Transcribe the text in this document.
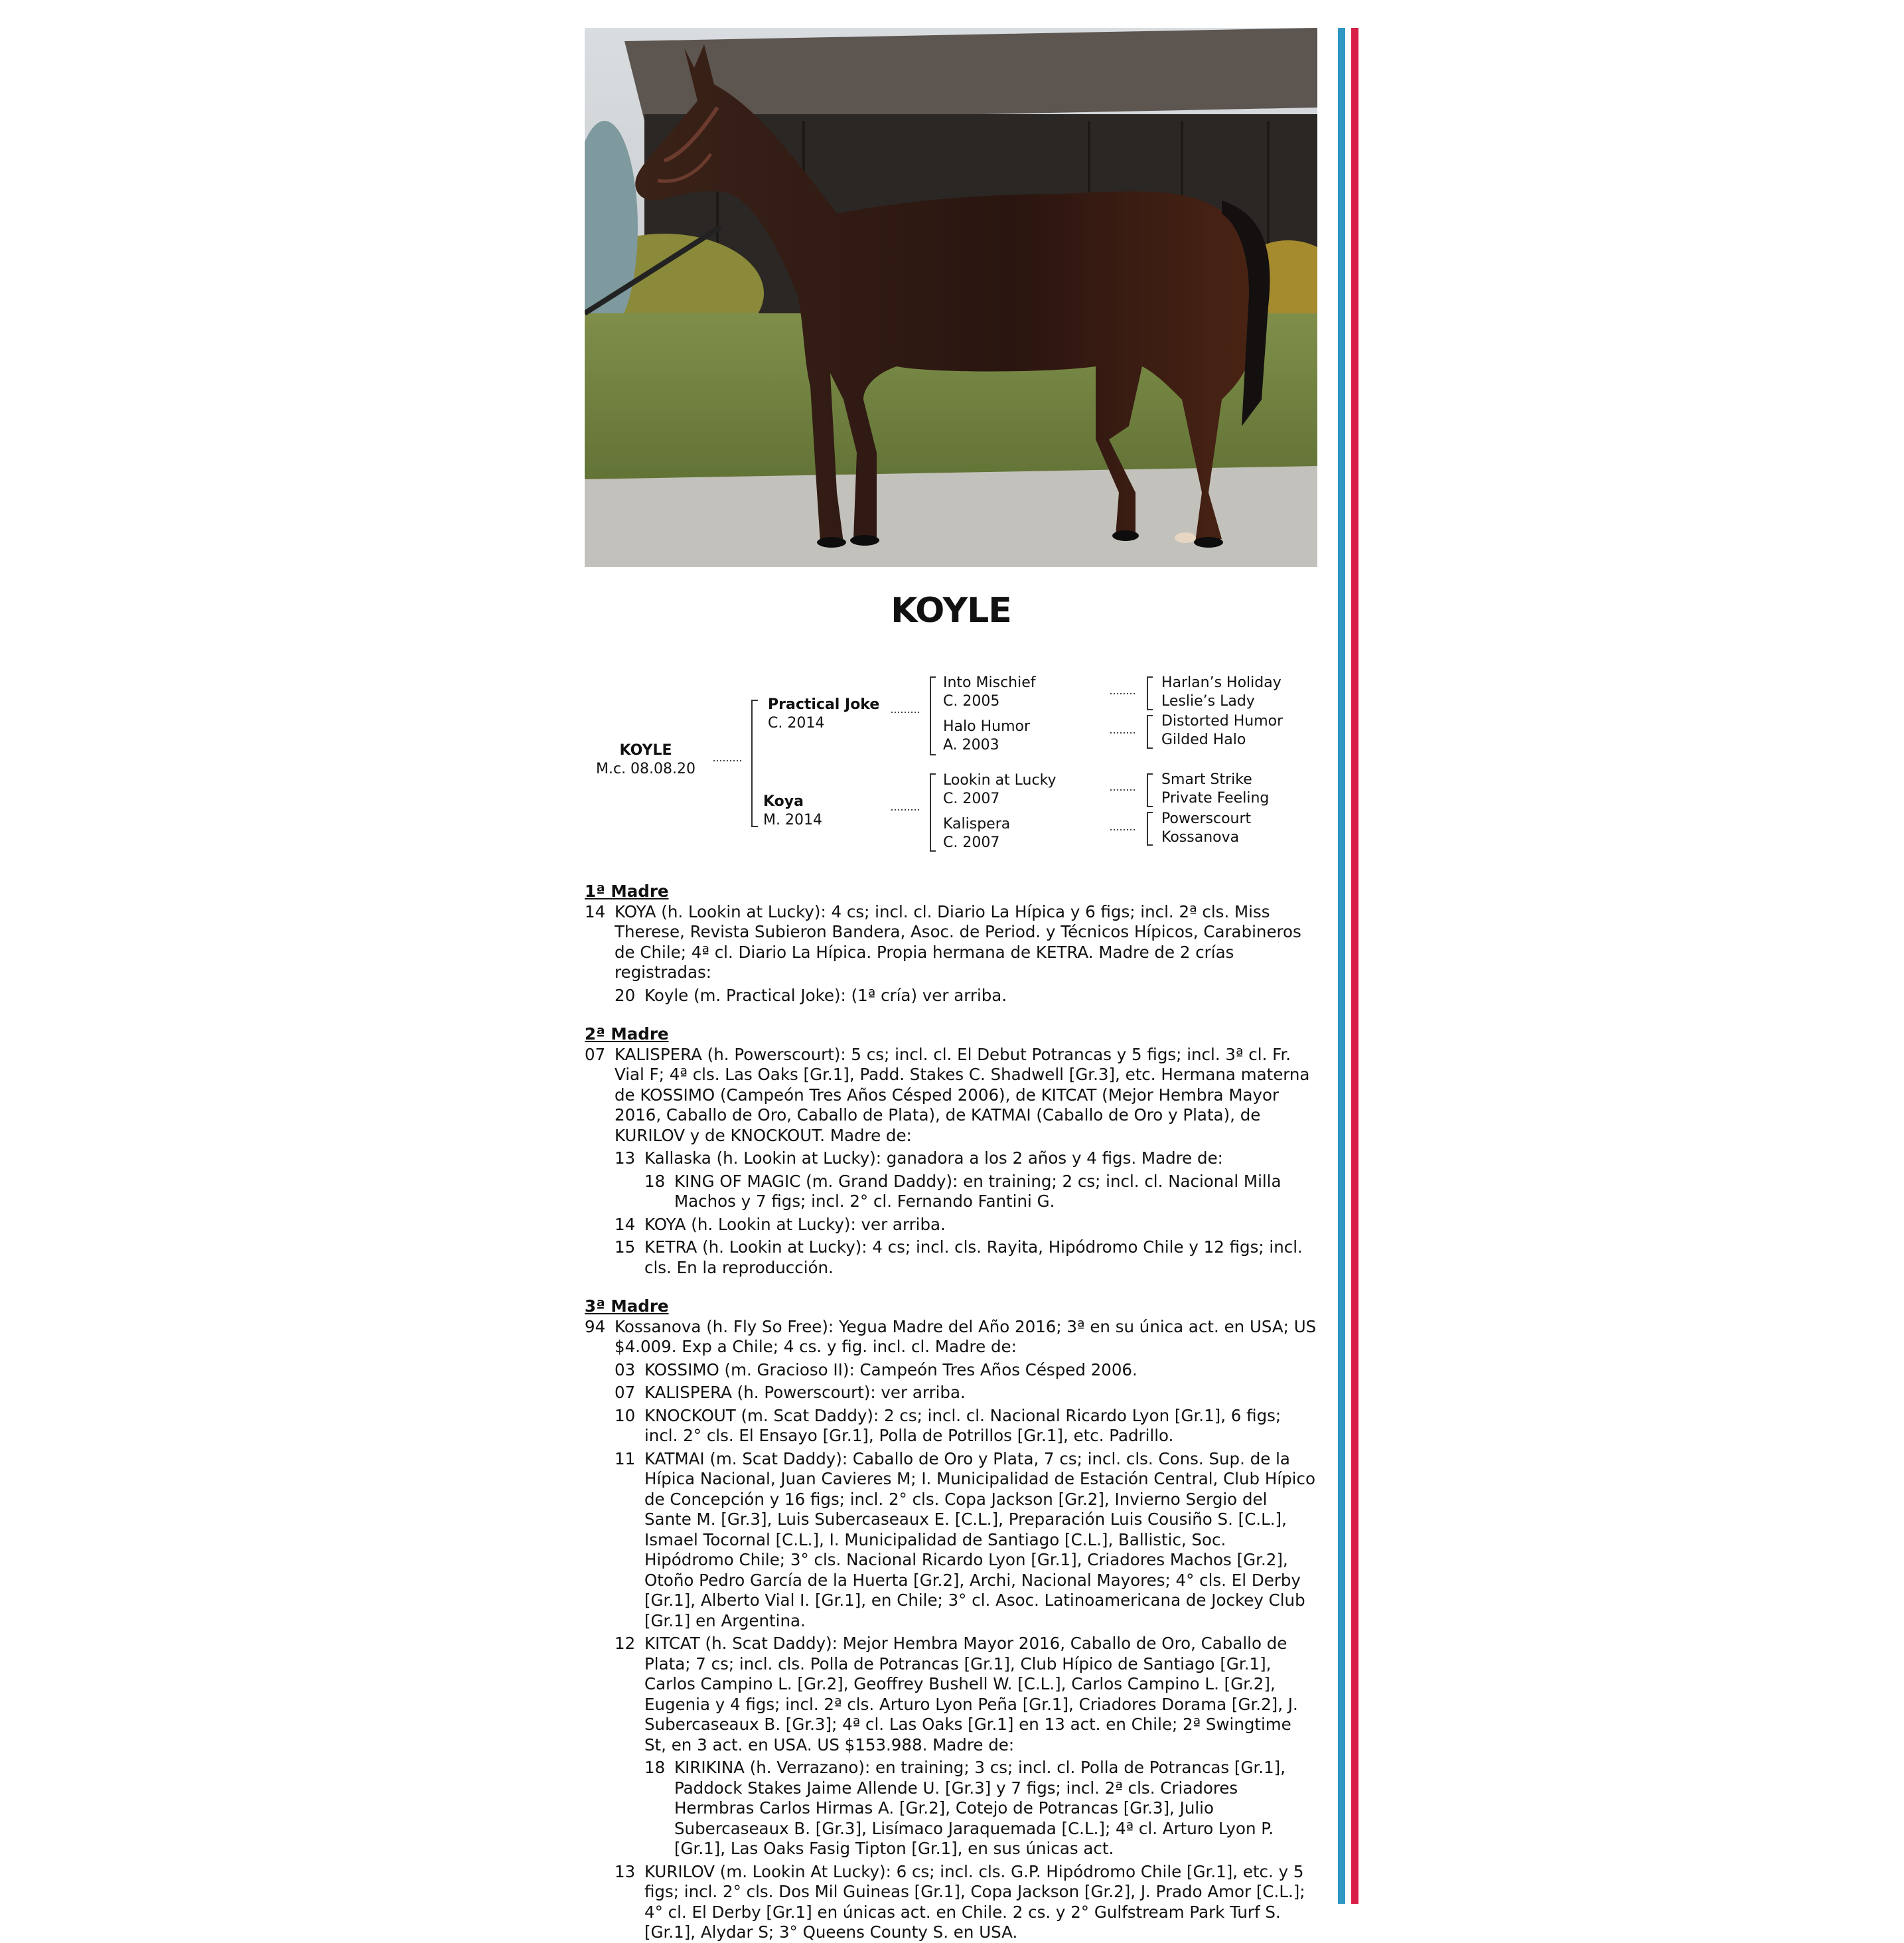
KOYLE
KOYLE
M.c. 08.08.20
Practical Joke
C. 2014
Koya
M. 2014
Into Mischief
C. 2005
Halo Humor
A. 2003
Lookin at Lucky
C. 2007
Kalispera
C. 2007
Harlan’s Holiday
Leslie’s Lady
Distorted Humor
Gilded Halo
Smart Strike
Private Feeling
Powerscourt
Kossanova
1ª Madre
14 KOYA (h. Lookin at Lucky): 4 cs; incl. cl. Diario La Hípica y 6 figs; incl. 2ª cls. Miss Therese, Revista Subieron Bandera, Asoc. de Period. y Técnicos Hípicos, Carabineros de Chile; 4ª cl. Diario La Hípica. Propia hermana de KETRA. Madre de 2 crías registradas:
20 Koyle (m. Practical Joke): (1ª cría) ver arriba.
2ª Madre
07 KALISPERA (h. Powerscourt): 5 cs; incl. cl. El Debut Potrancas y 5 figs; incl. 3ª cl. Fr. Vial F; 4ª cls. Las Oaks [Gr.1], Padd. Stakes C. Shadwell [Gr.3], etc. Hermana materna de KOSSIMO (Campeón Tres Años Césped 2006), de KITCAT (Mejor Hembra Mayor 2016, Caballo de Oro, Caballo de Plata), de KATMAI (Caballo de Oro y Plata), de KURILOV y de KNOCKOUT. Madre de:
13 Kallaska (h. Lookin at Lucky): ganadora a los 2 años y 4 figs. Madre de:
18 KING OF MAGIC (m. Grand Daddy): en training; 2 cs; incl. cl. Nacional Milla Machos y 7 figs; incl. 2° cl. Fernando Fantini G.
14 KOYA (h. Lookin at Lucky): ver arriba.
15 KETRA (h. Lookin at Lucky): 4 cs; incl. cls. Rayita, Hipódromo Chile y 12 figs; incl. cls. En la reproducción.
3ª Madre
94 Kossanova (h. Fly So Free): Yegua Madre del Año 2016; 3ª en su única act. en USA; US $4.009. Exp a Chile; 4 cs. y fig. incl. cl. Madre de:
03 KOSSIMO (m. Gracioso II): Campeón Tres Años Césped 2006.
07 KALISPERA (h. Powerscourt): ver arriba.
10 KNOCKOUT (m. Scat Daddy): 2 cs; incl. cl. Nacional Ricardo Lyon [Gr.1], 6 figs; incl. 2° cls. El Ensayo [Gr.1], Polla de Potrillos [Gr.1], etc. Padrillo.
11 KATMAI (m. Scat Daddy): Caballo de Oro y Plata, 7 cs; incl. cls. Cons. Sup. de la Hípica Nacional, Juan Cavieres M; I. Municipalidad de Estación Central, Club Hípico de Concepción y 16 figs; incl. 2° cls. Copa Jackson [Gr.2], Invierno Sergio del Sante M. [Gr.3], Luis Subercaseaux E. [C.L.], Preparación Luis Cousiño S. [C.L.], Ismael Tocornal [C.L.], I. Municipalidad de Santiago [C.L.], Ballistic, Soc. Hipódromo Chile; 3° cls. Nacional Ricardo Lyon [Gr.1], Criadores Machos [Gr.2], Otoño Pedro García de la Huerta [Gr.2], Archi, Nacional Mayores; 4° cls. El Derby [Gr.1], Alberto Vial I. [Gr.1], en Chile; 3° cl. Asoc. Latinoamericana de Jockey Club [Gr.1] en Argentina.
12 KITCAT (h. Scat Daddy): Mejor Hembra Mayor 2016, Caballo de Oro, Caballo de Plata; 7 cs; incl. cls. Polla de Potrancas [Gr.1], Club Hípico de Santiago [Gr.1], Carlos Campino L. [Gr.2], Geoffrey Bushell W. [C.L.], Carlos Campino L. [Gr.2], Eugenia y 4 figs; incl. 2ª cls. Arturo Lyon Peña [Gr.1], Criadores Dorama [Gr.2], J. Subercaseaux B. [Gr.3]; 4ª cl. Las Oaks [Gr.1] en 13 act. en Chile; 2ª Swingtime St, en 3 act. en USA. US $153.988. Madre de:
18 KIRIKINA (h. Verrazano): en training; 3 cs; incl. cl. Polla de Potrancas [Gr.1], Paddock Stakes Jaime Allende U. [Gr.3] y 7 figs; incl. 2ª cls. Criadores Hermbras Carlos Hirmas A. [Gr.2], Cotejo de Potrancas [Gr.3], Julio Subercaseaux B. [Gr.3], Lisímaco Jaraquemada [C.L.]; 4ª cl. Arturo Lyon P. [Gr.1], Las Oaks Fasig Tipton [Gr.1], en sus únicas act.
13 KURILOV (m. Lookin At Lucky): 6 cs; incl. cls. G.P. Hipódromo Chile [Gr.1], etc. y 5 figs; incl. 2° cls. Dos Mil Guineas [Gr.1], Copa Jackson [Gr.2], J. Prado Amor [C.L.]; 4° cl. El Derby [Gr.1] en únicas act. en Chile. 2 cs. y 2° Gulfstream Park Turf S. [Gr.1], Alydar S; 3° Queens County S. en USA.
